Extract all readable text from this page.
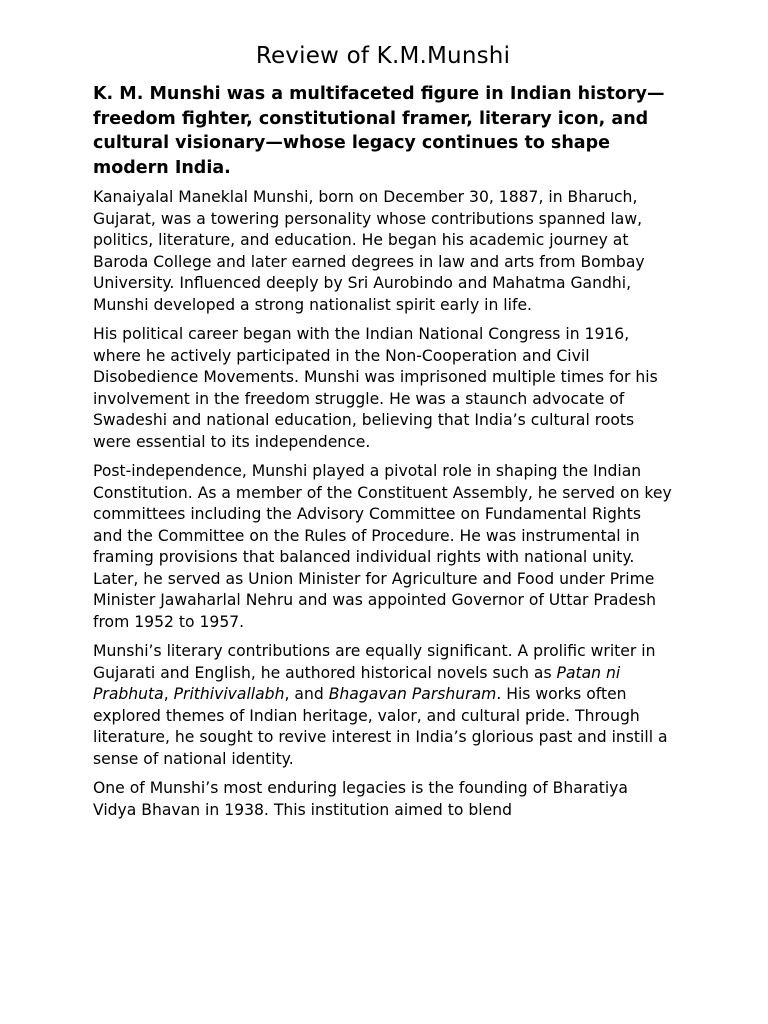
Review of K.M.Munshi

K. M. Munshi was a multifaceted figure in Indian history—freedom fighter, constitutional framer, literary icon, and cultural visionary—whose legacy continues to shape modern India.

Kanaiyalal Maneklal Munshi, born on December 30, 1887, in Bharuch, Gujarat, was a towering personality whose contributions spanned law, politics, literature, and education. He began his academic journey at Baroda College and later earned degrees in law and arts from Bombay University. Influenced deeply by Sri Aurobindo and Mahatma Gandhi, Munshi developed a strong nationalist spirit early in life.

His political career began with the Indian National Congress in 1916, where he actively participated in the Non-Cooperation and Civil Disobedience Movements. Munshi was imprisoned multiple times for his involvement in the freedom struggle. He was a staunch advocate of Swadeshi and national education, believing that India’s cultural roots were essential to its independence.

Post-independence, Munshi played a pivotal role in shaping the Indian Constitution. As a member of the Constituent Assembly, he served on key committees including the Advisory Committee on Fundamental Rights and the Committee on the Rules of Procedure. He was instrumental in framing provisions that balanced individual rights with national unity. Later, he served as Union Minister for Agriculture and Food under Prime Minister Jawaharlal Nehru and was appointed Governor of Uttar Pradesh from 1952 to 1957.

Munshi’s literary contributions are equally significant. A prolific writer in Gujarati and English, he authored historical novels such as Patan ni Prabhuta, Prithivivallabh, and Bhagavan Parshuram. His works often explored themes of Indian heritage, valor, and cultural pride. Through literature, he sought to revive interest in India’s glorious past and instill a sense of national identity.

One of Munshi’s most enduring legacies is the founding of Bharatiya Vidya Bhavan in 1938. This institution aimed to blend
